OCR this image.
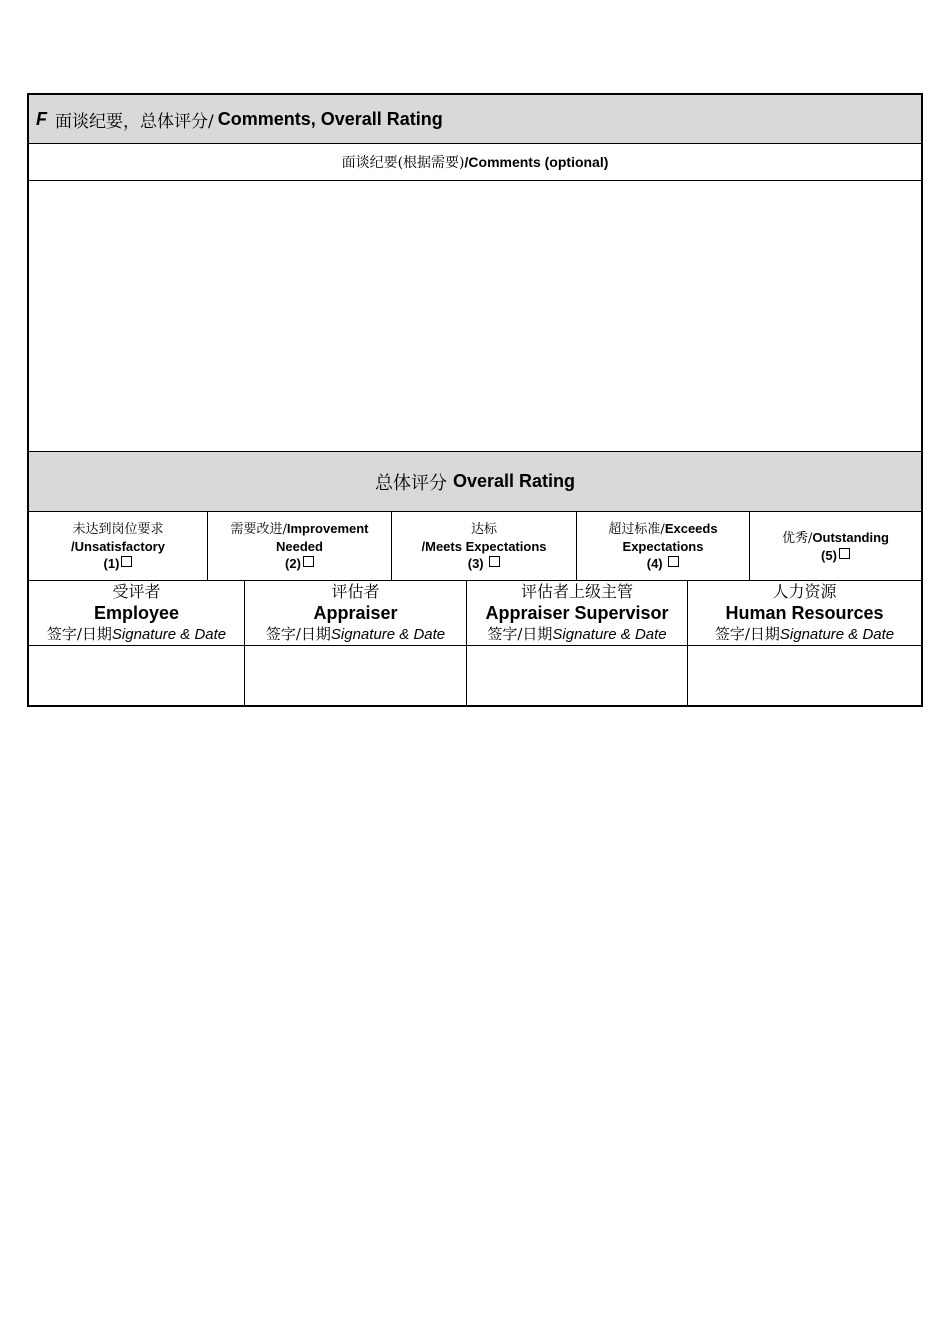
F 面谈纪要，总体评分/ Comments, Overall Rating
面谈纪要 (根据需要) /Comments (optional)
总体评分 Overall Rating
未达到岗位要求
/Unsatisfactory
(1)
需要改进/Improvement Needed
(2)
达标
/Meets Expectations
(3)
超过标准/Exceeds Expectations
(4)
优秀/Outstanding
(5)
受评者
Employee
签字/日期Signature & Date
评估者
Appraiser
签字/日期Signature & Date
评估者上级主管
Appraiser Supervisor
签字/日期Signature & Date
人力资源
Human Resources
签字/日期Signature & Date
